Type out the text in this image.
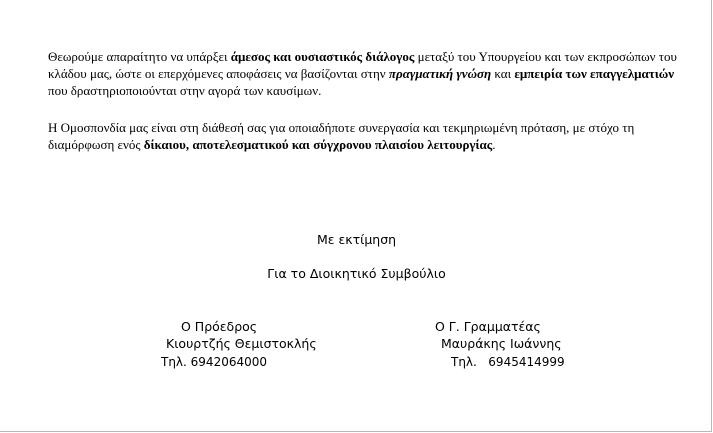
Θεωρούμε απαραίτητο να υπάρξει άμεσος και ουσιαστικός διάλογος μεταξύ του Υπουργείου και των εκπροσώπων του κλάδου μας, ώστε οι επερχόμενες αποφάσεις να βασίζονται στην πραγματική γνώση και εμπειρία των επαγγελματιών που δραστηριοποιούνται στην αγορά των καυσίμων.

Η Ομοσπονδία μας είναι στη διάθεσή σας για οποιαδήποτε συνεργασία και τεκμηριωμένη πρόταση, με στόχο τη διαμόρφωση ενός δίκαιου, αποτελεσματικού και σύγχρονου πλαισίου λειτουργίας.

Με εκτίμηση
Για το Διοικητικό Συμβούλιο
Ο Πρόεδρος
Κιουρτζής Θεμιστοκλής
Τηλ. 6942064000
Ο Γ. Γραμματέας
Μαυράκης Ιωάννης
Τηλ.   6945414999
